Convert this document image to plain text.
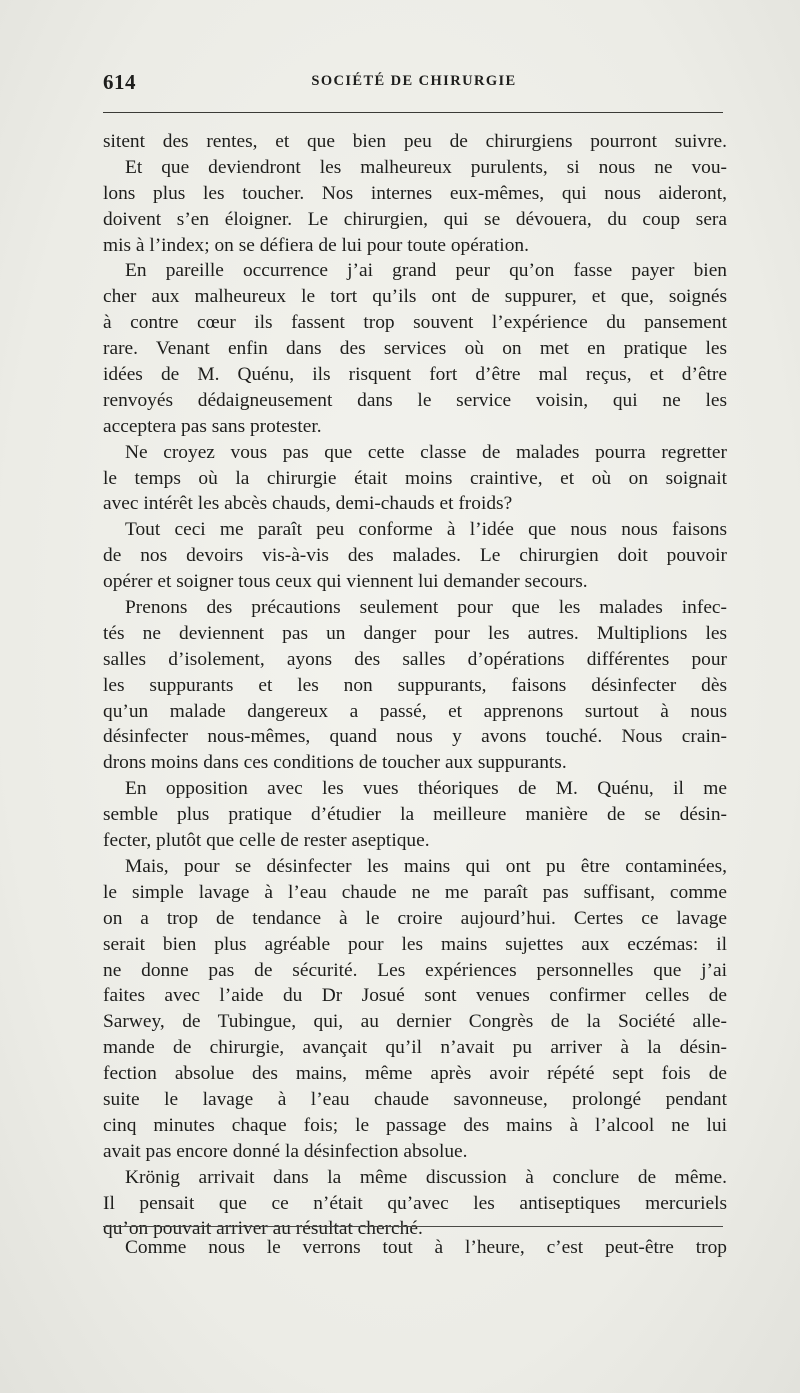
614	SOCIÉTÉ DE CHIRURGIE
sitent des rentes, et que bien peu de chirurgiens pourront suivre.
Et que deviendront les malheureux purulents, si nous ne vou-
lons plus les toucher. Nos internes eux-mêmes, qui nous aideront,
doivent s’en éloigner. Le chirurgien, qui se dévouera, du coup sera
mis à l’index; on se défiera de lui pour toute opération.
En pareille occurrence j’ai grand peur qu’on fasse payer bien
cher aux malheureux le tort qu’ils ont de suppurer, et que, soignés
à contre cœur ils fassent trop souvent l’expérience du pansement
rare. Venant enfin dans des services où on met en pratique les
idées de M. Quénu, ils risquent fort d’être mal reçus, et d’être
renvoyés dédaigneusement dans le service voisin, qui ne les
acceptera pas sans protester.
Ne croyez vous pas que cette classe de malades pourra regretter
le temps où la chirurgie était moins craintive, et où on soignait
avec intérêt les abcès chauds, demi-chauds et froids?
Tout ceci me paraît peu conforme à l’idée que nous nous faisons
de nos devoirs vis-à-vis des malades. Le chirurgien doit pouvoir
opérer et soigner tous ceux qui viennent lui demander secours.
Prenons des précautions seulement pour que les malades infec-
tés ne deviennent pas un danger pour les autres. Multiplions les
salles d’isolement, ayons des salles d’opérations différentes pour
les suppurants et les non suppurants, faisons désinfecter dès
qu’un malade dangereux a passé, et apprenons surtout à nous
désinfecter nous-mêmes, quand nous y avons touché. Nous crain-
drons moins dans ces conditions de toucher aux suppurants.
En opposition avec les vues théoriques de M. Quénu, il me
semble plus pratique d’étudier la meilleure manière de se désin-
fecter, plutôt que celle de rester aseptique.
Mais, pour se désinfecter les mains qui ont pu être contaminées,
le simple lavage à l’eau chaude ne me paraît pas suffisant, comme
on a trop de tendance à le croire aujourd’hui. Certes ce lavage
serait bien plus agréable pour les mains sujettes aux eczémas: il
ne donne pas de sécurité. Les expériences personnelles que j’ai
faites avec l’aide du Dr Josué sont venues confirmer celles de
Sarwey, de Tubingue, qui, au dernier Congrès de la Société alle-
mande de chirurgie, avançait qu’il n’avait pu arriver à la désin-
fection absolue des mains, même après avoir répété sept fois de
suite le lavage à l’eau chaude savonneuse, prolongé pendant
cinq minutes chaque fois; le passage des mains à l’alcool ne lui
avait pas encore donné la désinfection absolue.
Krönig arrivait dans la même discussion à conclure de même.
Il pensait que ce n’était qu’avec les antiseptiques mercuriels
qu’on pouvait arriver au résultat cherché.
Comme nous le verrons tout à l’heure, c’est peut-être trop
